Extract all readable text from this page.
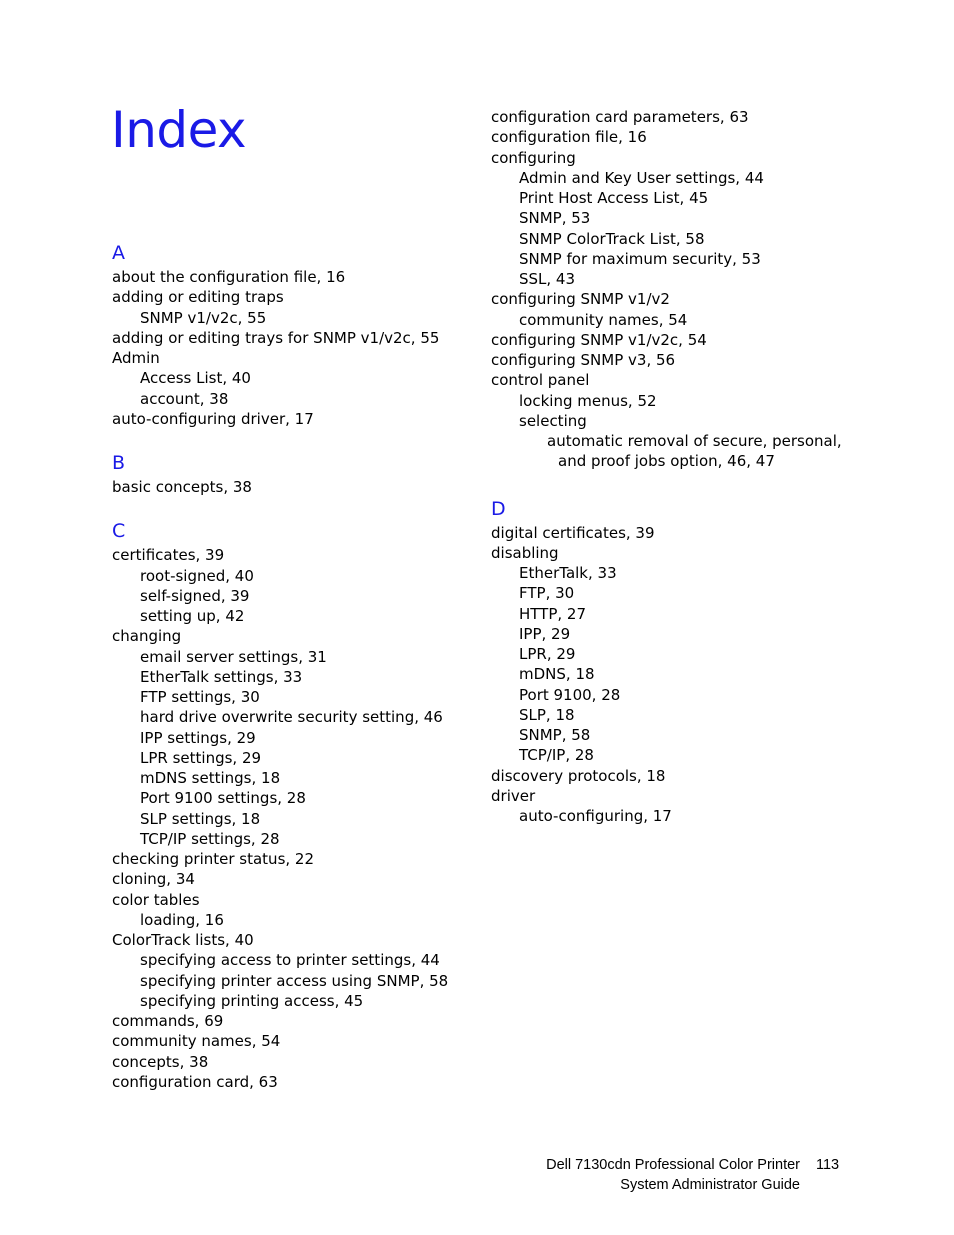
Index
A
about the configuration file, 16
adding or editing traps
SNMP v1/v2c, 55
adding or editing trays for SNMP v1/v2c, 55
Admin
Access List, 40
account, 38
auto-configuring driver, 17
B
basic concepts, 38
C
certificates, 39
root-signed, 40
self-signed, 39
setting up, 42
changing
email server settings, 31
EtherTalk settings, 33
FTP settings, 30
hard drive overwrite security setting, 46
IPP settings, 29
LPR settings, 29
mDNS settings, 18
Port 9100 settings, 28
SLP settings, 18
TCP/IP settings, 28
checking printer status, 22
cloning, 34
color tables
loading, 16
ColorTrack lists, 40
specifying access to printer settings, 44
specifying printer access using SNMP, 58
specifying printing access, 45
commands, 69
community names, 54
concepts, 38
configuration card, 63
configuration card parameters, 63
configuration file, 16
configuring
Admin and Key User settings, 44
Print Host Access List, 45
SNMP, 53
SNMP ColorTrack List, 58
SNMP for maximum security, 53
SSL, 43
configuring SNMP v1/v2
community names, 54
configuring SNMP v1/v2c, 54
configuring SNMP v3, 56
control panel
locking menus, 52
selecting
automatic removal of secure, personal,
and proof jobs option, 46, 47
D
digital certificates, 39
disabling
EtherTalk, 33
FTP, 30
HTTP, 27
IPP, 29
LPR, 29
mDNS, 18
Port 9100, 28
SLP, 18
SNMP, 58
TCP/IP, 28
discovery protocols, 18
driver
auto-configuring, 17
Dell 7130cdn Professional Color Printer
System Administrator Guide
113
